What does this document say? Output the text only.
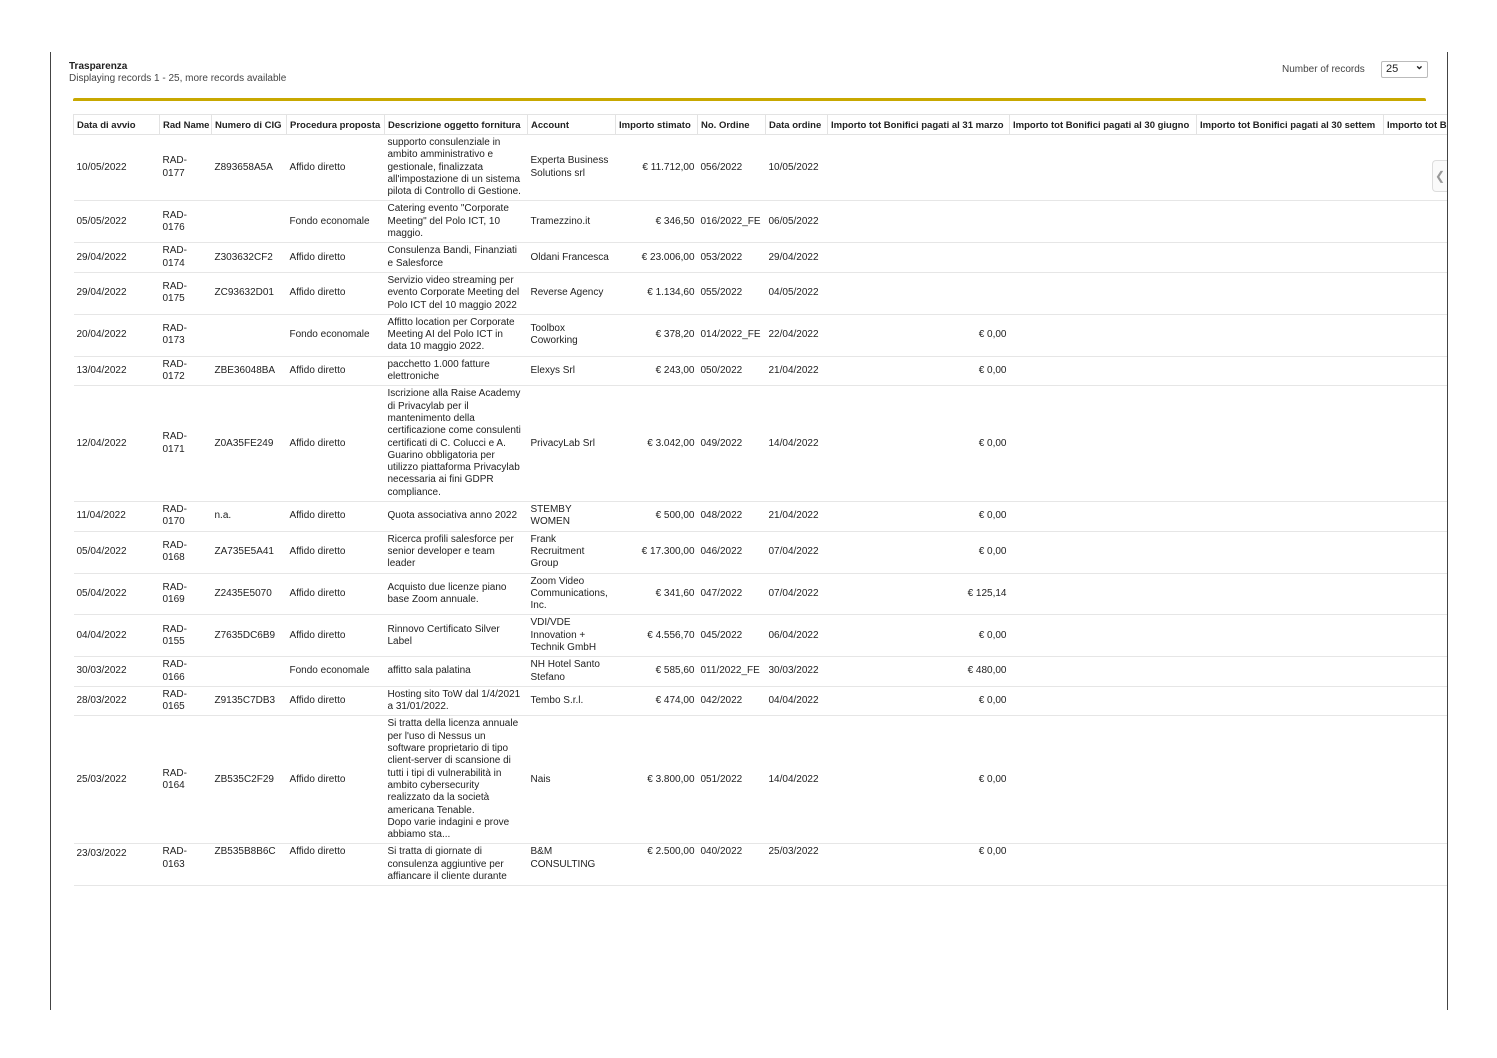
Trasparenza
Displaying records 1 - 25, more records available
Number of records	25 ⌄
❮
Data di avvio	Rad Name	Numero di CIG	Procedura proposta	Descrizione oggetto fornitura	Account	Importo stimato	No. Ordine	Data ordine	Importo tot Bonifici pagati al 31 marzo	Importo tot Bonifici pagati al 30 giugno	Importo tot Bonifici pagati al 30 settem	Importo tot B
10/05/2022	RAD-0177	Z893658A5A	Affido diretto	supporto consulenziale in ambito amministrativo e gestionale, finalizzata all'impostazione di un sistema pilota di Controllo di Gestione.	Experta Business Solutions srl	€ 11.712,00	056/2022	10/05/2022				
05/05/2022	RAD-0176		Fondo economale	Catering evento "Corporate Meeting" del Polo ICT, 10 maggio.	Tramezzino.it	€ 346,50	016/2022_FE	06/05/2022				
29/04/2022	RAD-0174	Z303632CF2	Affido diretto	Consulenza Bandi, Finanziati e Salesforce	Oldani Francesca	€ 23.006,00	053/2022	29/04/2022				
29/04/2022	RAD-0175	ZC93632D01	Affido diretto	Servizio video streaming per evento Corporate Meeting del Polo ICT del 10 maggio 2022	Reverse Agency	€ 1.134,60	055/2022	04/05/2022				
20/04/2022	RAD-0173		Fondo economale	Affitto location per Corporate Meeting AI del Polo ICT in data 10 maggio 2022.	Toolbox Coworking	€ 378,20	014/2022_FE	22/04/2022	€ 0,00			
13/04/2022	RAD-0172	ZBE36048BA	Affido diretto	pacchetto 1.000 fatture elettroniche	Elexys Srl	€ 243,00	050/2022	21/04/2022	€ 0,00			
12/04/2022	RAD-0171	Z0A35FE249	Affido diretto	Iscrizione alla Raise Academy di Privacylab per il mantenimento della certificazione come consulenti certificati di C. Colucci e A. Guarino obbligatoria per utilizzo piattaforma Privacylab necessaria ai fini GDPR compliance.	PrivacyLab Srl	€ 3.042,00	049/2022	14/04/2022	€ 0,00			
11/04/2022	RAD-0170	n.a.	Affido diretto	Quota associativa anno 2022	STEMBY WOMEN	€ 500,00	048/2022	21/04/2022	€ 0,00			
05/04/2022	RAD-0168	ZA735E5A41	Affido diretto	Ricerca profili salesforce per senior developer e team leader	Frank Recruitment Group	€ 17.300,00	046/2022	07/04/2022	€ 0,00			
05/04/2022	RAD-0169	Z2435E5070	Affido diretto	Acquisto due licenze piano base Zoom annuale.	Zoom Video Communications, Inc.	€ 341,60	047/2022	07/04/2022	€ 125,14			
04/04/2022	RAD-0155	Z7635DC6B9	Affido diretto	Rinnovo Certificato Silver Label	VDI/VDE Innovation + Technik GmbH	€ 4.556,70	045/2022	06/04/2022	€ 0,00			
30/03/2022	RAD-0166		Fondo economale	affitto sala palatina	NH Hotel Santo Stefano	€ 585,60	011/2022_FE	30/03/2022	€ 480,00			
28/03/2022	RAD-0165	Z9135C7DB3	Affido diretto	Hosting sito ToW dal 1/4/2021 a 31/01/2022.	Tembo S.r.l.	€ 474,00	042/2022	04/04/2022	€ 0,00			
25/03/2022	RAD-0164	ZB535C2F29	Affido diretto	Si tratta della licenza annuale per l'uso di Nessus un software proprietario di tipo client-server di scansione di tutti i tipi di vulnerabilità in ambito cybersecurity realizzato da la società americana Tenable.
Dopo varie indagini e prove abbiamo sta...	Nais	€ 3.800,00	051/2022	14/04/2022	€ 0,00			
23/03/2022	RAD-0163	ZB535B8B6C	Affido diretto	Si tratta di giornate di consulenza aggiuntive per affiancare il cliente durante	B&M CONSULTING	€ 2.500,00	040/2022	25/03/2022	€ 0,00			
